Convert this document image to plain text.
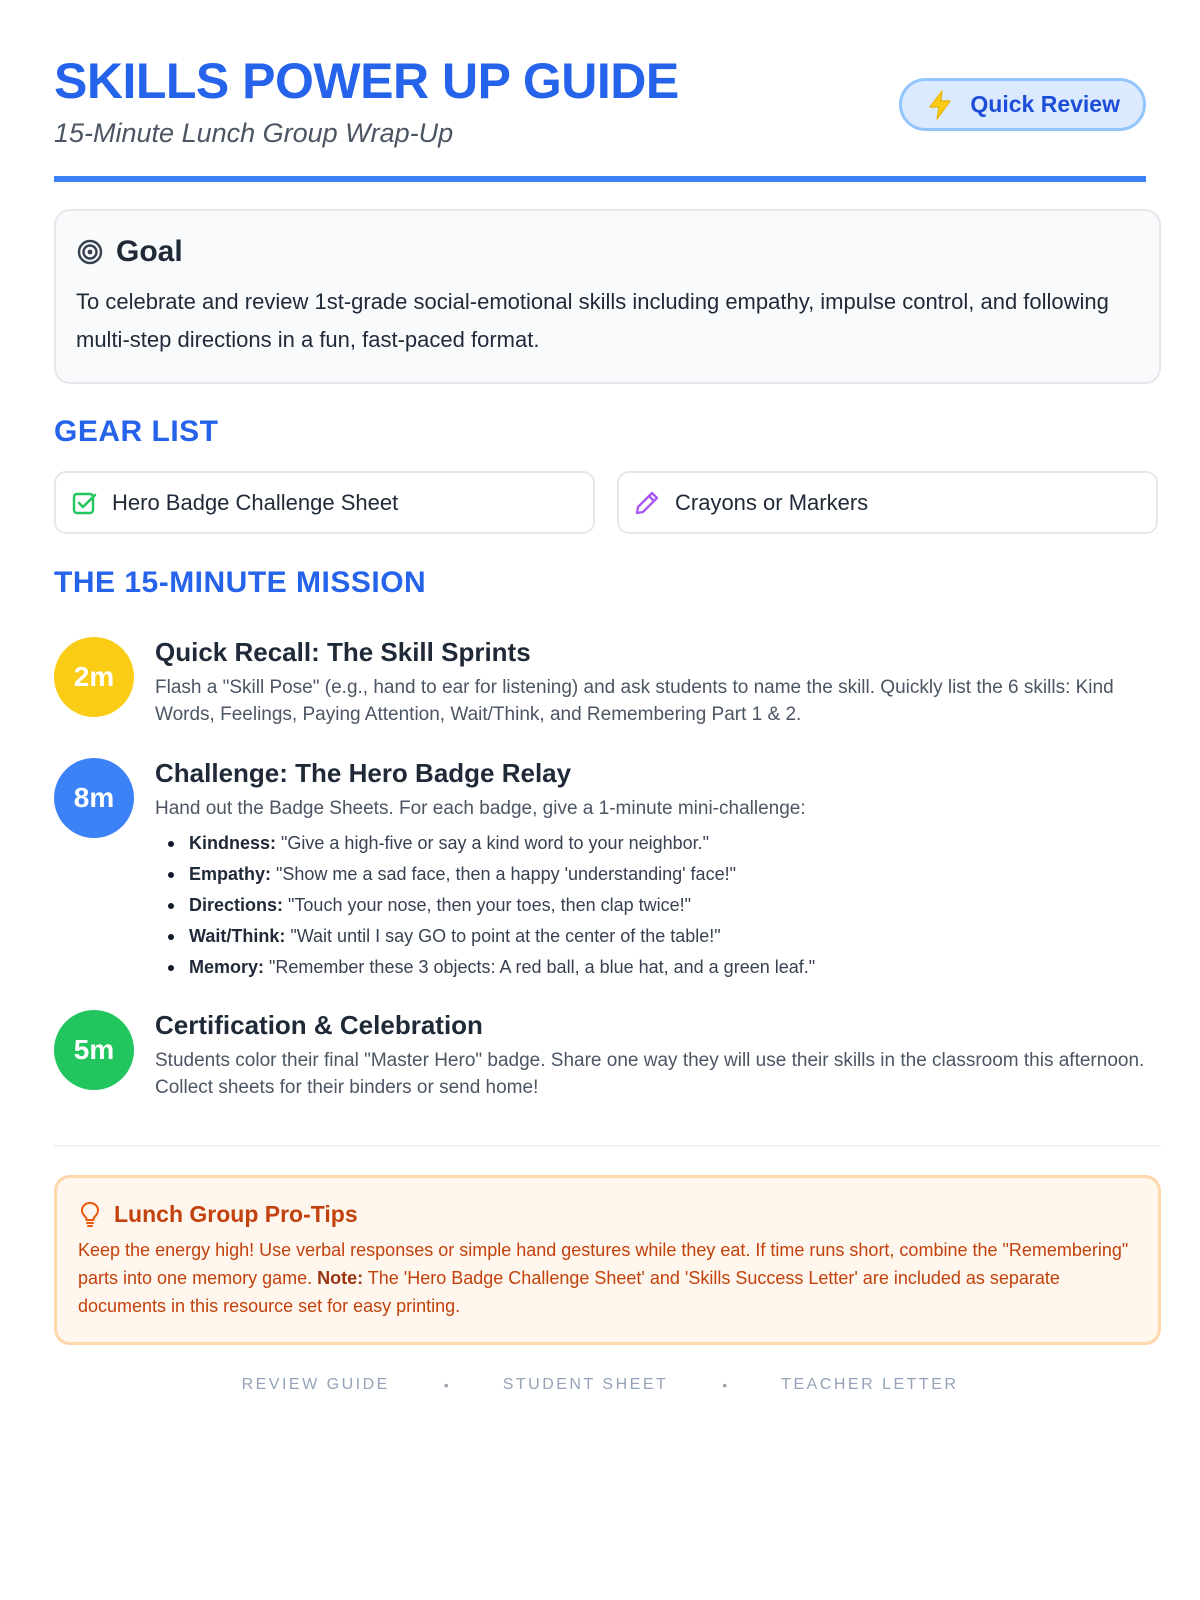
SKILLS POWER UP GUIDE
15-Minute Lunch Group Wrap-Up
Quick Review
Goal
To celebrate and review 1st-grade social-emotional skills including empathy, impulse control, and following multi-step directions in a fun, fast-paced format.
GEAR LIST
Hero Badge Challenge Sheet	Crayons or Markers
THE 15-MINUTE MISSION
2m
Quick Recall: The Skill Sprints
Flash a "Skill Pose" (e.g., hand to ear for listening) and ask students to name the skill. Quickly list the 6 skills: Kind Words, Feelings, Paying Attention, Wait/Think, and Remembering Part 1 & 2.
8m
Challenge: The Hero Badge Relay
Hand out the Badge Sheets. For each badge, give a 1-minute mini-challenge:
Kindness: "Give a high-five or say a kind word to your neighbor."
Empathy: "Show me a sad face, then a happy 'understanding' face!"
Directions: "Touch your nose, then your toes, then clap twice!"
Wait/Think: "Wait until I say GO to point at the center of the table!"
Memory: "Remember these 3 objects: A red ball, a blue hat, and a green leaf."
5m
Certification & Celebration
Students color their final "Master Hero" badge. Share one way they will use their skills in the classroom this afternoon. Collect sheets for their binders or send home!
Lunch Group Pro-Tips
Keep the energy high! Use verbal responses or simple hand gestures while they eat. If time runs short, combine the "Remembering" parts into one memory game. Note: The 'Hero Badge Challenge Sheet' and 'Skills Success Letter' are included as separate documents in this resource set for easy printing.
REVIEW GUIDE	•	STUDENT SHEET	•	TEACHER LETTER
